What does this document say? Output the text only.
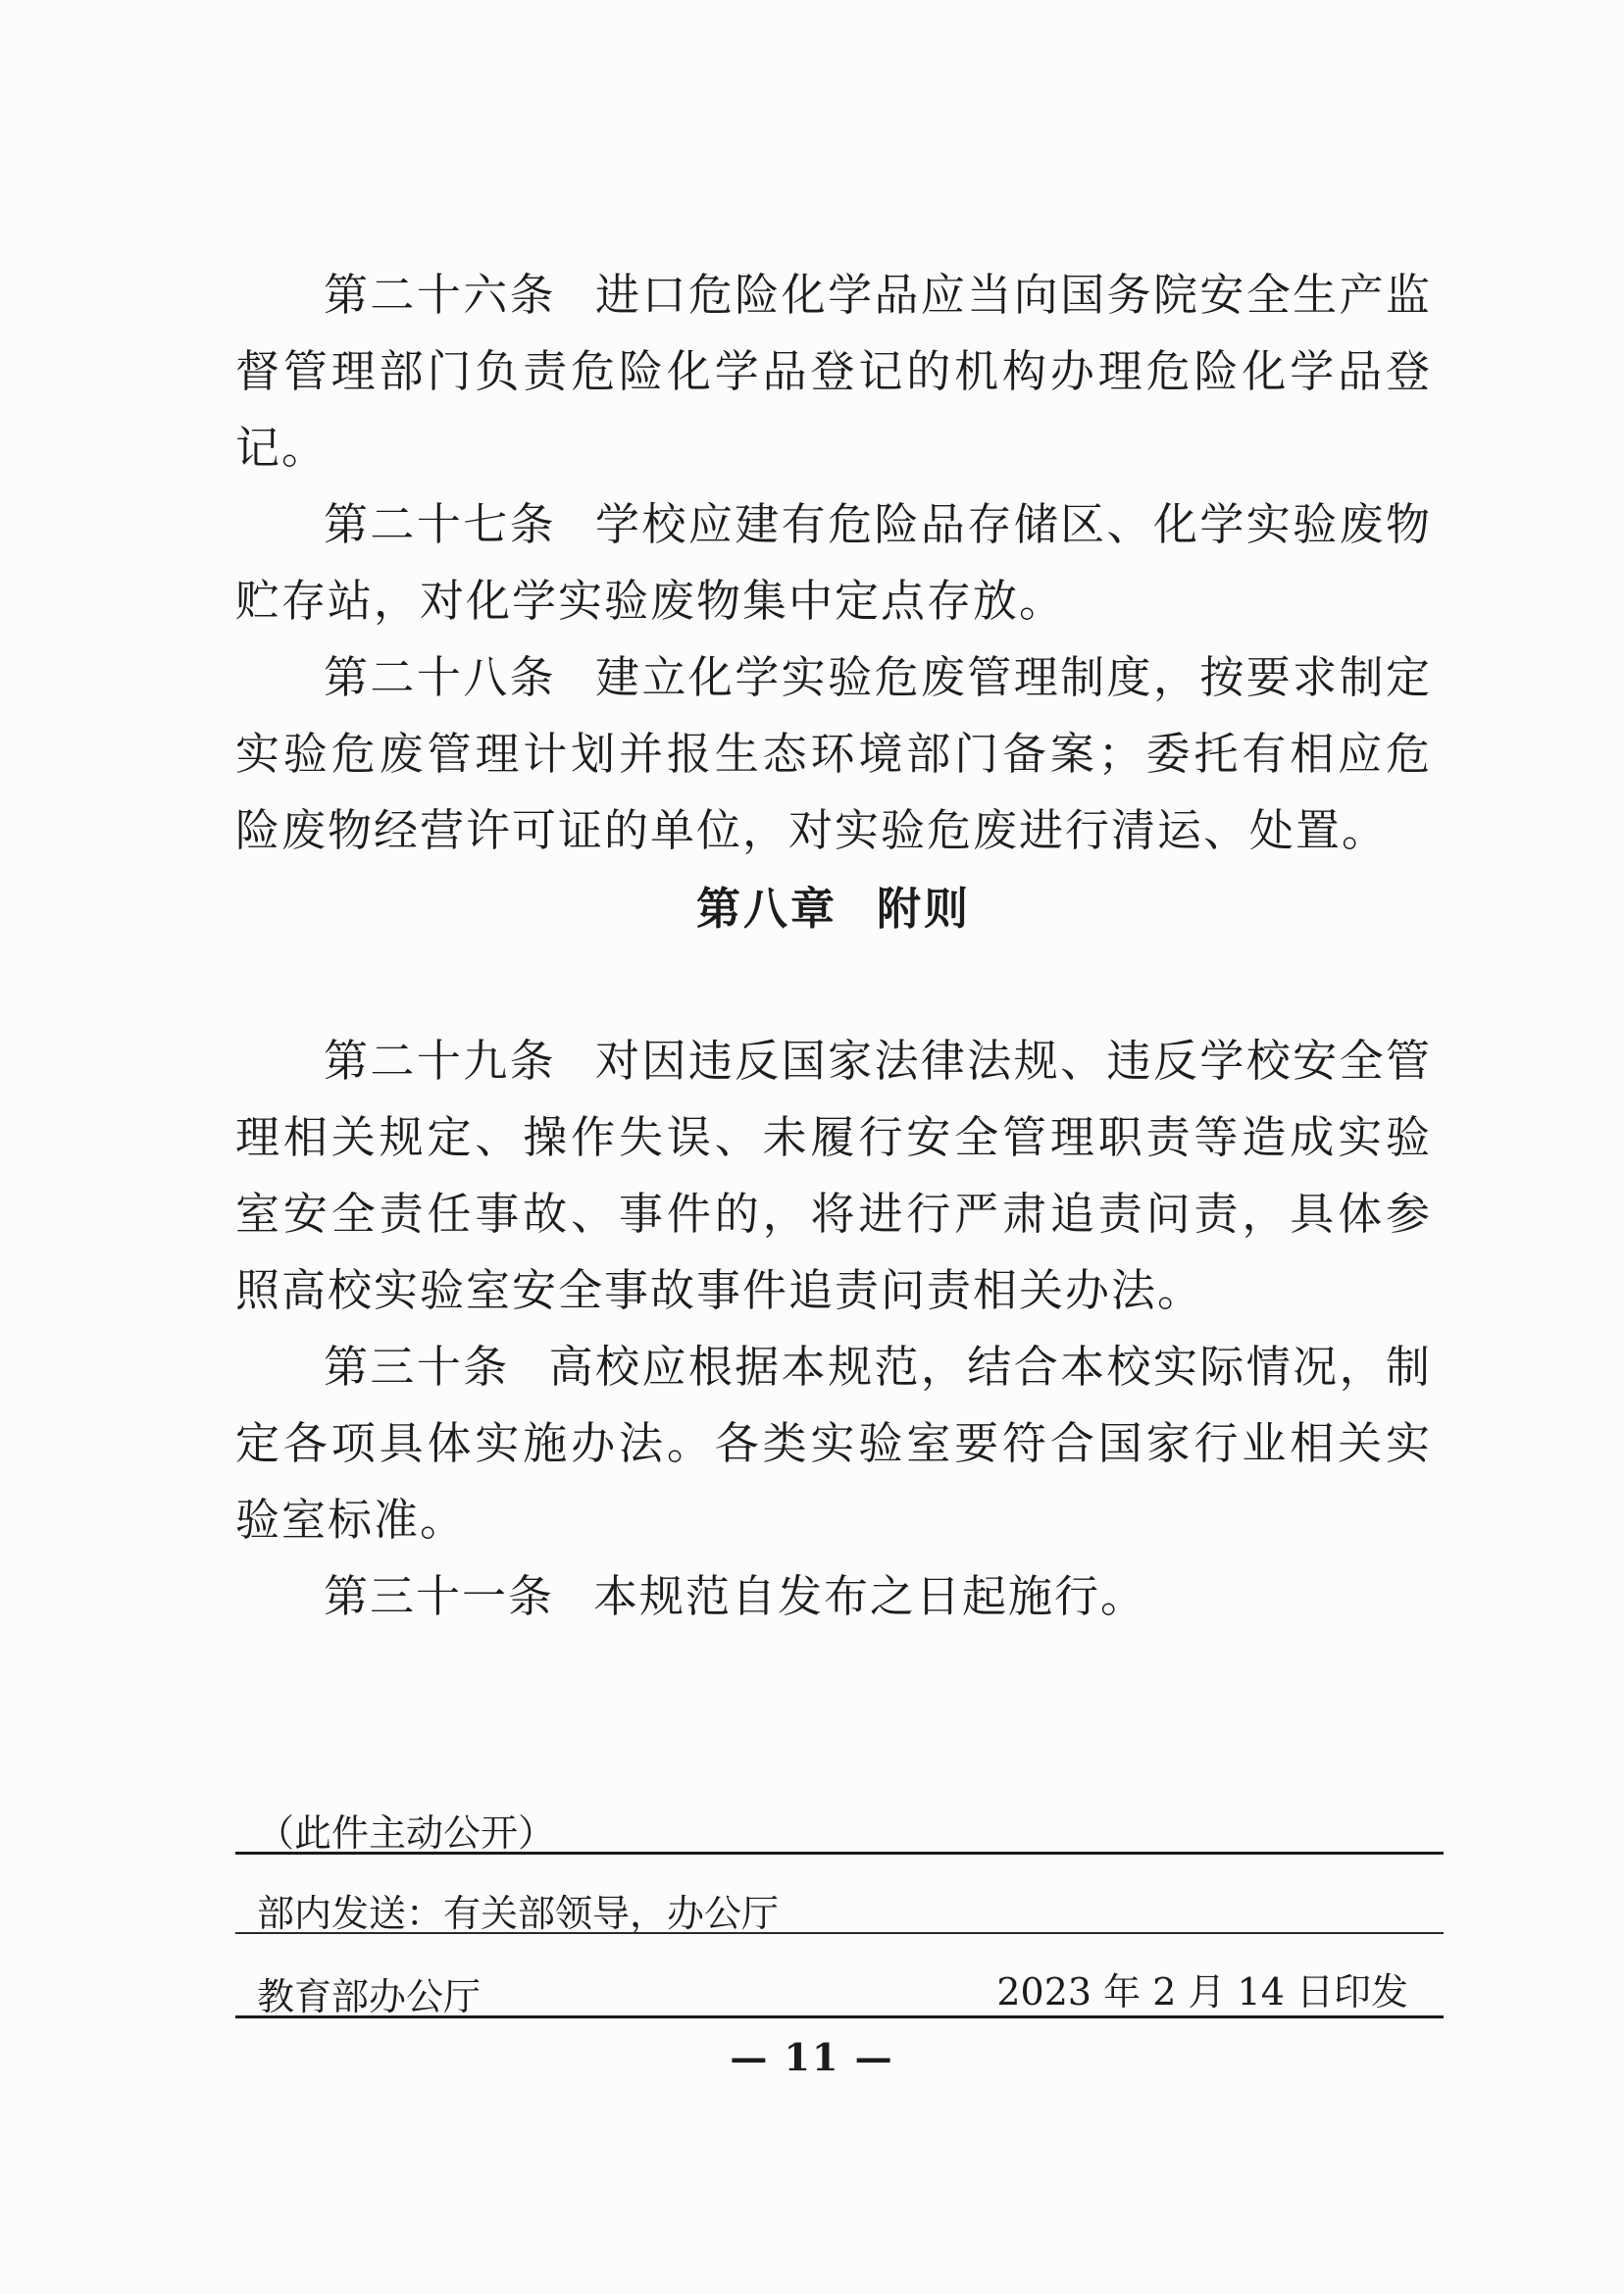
第二十六条 进口危险化学品应当向国务院安全生产监督管理部门负责危险化学品登记的机构办理危险化学品登记。

第二十七条 学校应建有危险品存储区、化学实验废物贮存站，对化学实验废物集中定点存放。

第二十八条 建立化学实验危废管理制度，按要求制定实验危废管理计划并报生态环境部门备案；委托有相应危险废物经营许可证的单位，对实验危废进行清运、处置。

第八章 附则

第二十九条 对因违反国家法律法规、违反学校安全管理相关规定、操作失误、未履行安全管理职责等造成实验室安全责任事故、事件的，将进行严肃追责问责，具体参照高校实验室安全事故事件追责问责相关办法。

第三十条 高校应根据本规范，结合本校实际情况，制定各项具体实施办法。各类实验室要符合国家行业相关实验室标准。

第三十一条 本规范自发布之日起施行。

（此件主动公开）
部内发送：有关部领导，办公厅
教育部办公厅	2023 年 2 月 14 日印发
— 11 —
